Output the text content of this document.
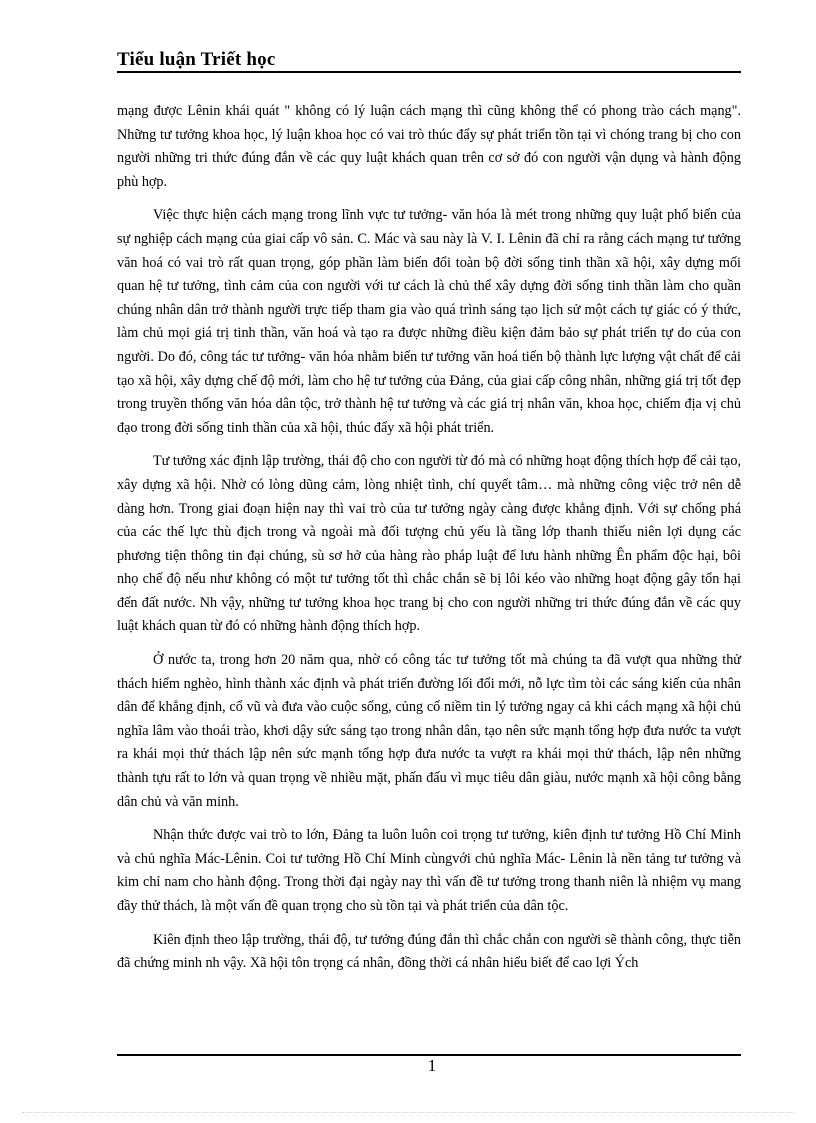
Tiểu luận Triết học

mạng được Lênin khái quát " không có lý luận cách mạng thì cũng không thể có phong trào cách mạng". Những tư tưởng khoa học, lý luận khoa học có vai trò thúc đẩy sự phát triển tồn tại vì chóng trang bị cho con người những tri thức đúng đắn về các quy luật khách quan trên cơ sở đó con người vận dụng và hành động phù hợp.

Việc thực hiện cách mạng trong lĩnh vực tư tưởng- văn hóa là mét trong những quy luật phổ biến của sự nghiệp cách mạng của giai cấp vô sản. C. Mác và sau này là V. I. Lênin đã chỉ ra rằng cách mạng tư tưởng văn hoá có vai trò rất quan trọng, góp phần làm biến đổi toàn bộ đời sống tinh thần xã hội, xây dựng mối quan hệ tư tưởng, tình cảm của con người với tư cách là chủ thể xây dựng đời sống tinh thần làm cho quần chúng nhân dân trở thành người trực tiếp tham gia vào quá trình sáng tạo lịch sử một cách tự giác có ý thức, làm chủ mọi giá trị tinh thần, văn hoá và tạo ra được những điều kiện đảm bảo sự phát triển tự do của con người. Do đó, công tác tư tưởng- văn hóa nhằm biến tư tưởng văn hoá tiến bộ thành lực lượng vật chất để cải tạo xã hội, xây dựng chế độ mới, làm cho hệ tư tưởng của Đảng, của giai cấp công nhân, những giá trị tốt đẹp trong truyền thống văn hóa dân tộc, trở thành hệ tư tưởng và các giá trị nhân văn, khoa học, chiếm địa vị chủ đạo trong đời sống tinh thần của xã hội, thúc đẩy xã hội phát triển.

Tư tưởng xác định lập trường, thái độ cho con người từ đó mà có những hoạt động thích hợp để cải tạo, xây dựng xã hội. Nhờ có lòng dũng cảm, lòng nhiệt tình, chí quyết tâm… mà những công việc trở nên dễ dàng hơn. Trong giai đoạn hiện nay thì vai trò của tư tưởng ngày càng được khẳng định. Với sự chống phá của các thế lực thù địch trong và ngoài mà đối tượng chủ yếu là tầng lớp thanh thiếu niên lợi dụng các phương tiện thông tin đại chúng, sù sơ hở của hàng rào pháp luật để lưu hành những Ên phẩm độc hại, bôi nhọ chế độ nếu như không có một tư tưởng tốt thì chắc chắn sẽ bị lôi kéo vào những hoạt động gây tổn hại đến đất nước. Nh vậy, những tư tưởng khoa học trang bị cho con người những tri thức đúng đắn về các quy luật khách quan từ đó có những hành động thích hợp.

Ở nước ta, trong hơn 20 năm qua, nhờ có công tác tư tưởng tốt mà chúng ta đã vượt qua những thử thách hiểm nghèo, hình thành xác định và phát triển đường lối đổi mới, nỗ lực tìm tòi các sáng kiến của nhân dân để khẳng định, cổ vũ và đưa vào cuộc sống, củng cố niềm tin lý tưởng ngay cả khi cách mạng xã hội chủ nghĩa lâm vào thoái trào, khơi dậy sức sáng tạo trong nhân dân, tạo nên sức mạnh tổng hợp đưa nước ta vượt ra khái mọi thử thách lập nên sức mạnh tổng hợp đưa nước ta vượt ra khái mọi thử thách, lập nên những thành tựu rất to lớn và quan trọng về nhiều mặt, phấn đấu vì mục tiêu dân giàu, nước mạnh xã hội công bằng dân chủ và văn minh.

Nhận thức được vai trò to lớn, Đảng ta luôn luôn coi trọng tư tưởng, kiên định tư tưởng Hồ Chí Minh và chủ nghĩa Mác-Lênin. Coi tư tưởng Hồ Chí Minh cùngvới chủ nghĩa Mác- Lênin là nền tảng tư tưởng và kim chỉ nam cho hành động. Trong thời đại ngày nay thì vấn đề tư tưởng trong thanh niên là nhiệm vụ mang đầy thử thách, là một vấn đề quan trọng cho sù tồn tại và phát triển của dân tộc.

Kiên định theo lập trường, thái độ, tư tưởng đúng đắn thì chắc chắn con người sẽ thành công, thực tiễn đã chứng minh nh vậy. Xã hội tôn trọng cá nhân, đồng thời cá nhân hiểu biết để cao lợi Ých

1
